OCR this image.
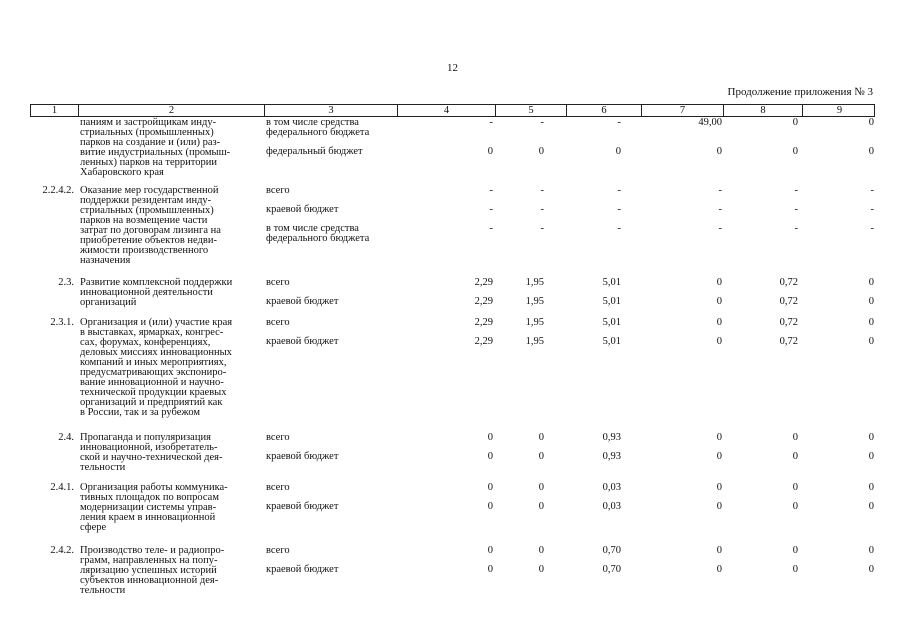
12
Продолжение приложения № 3
1	2	3	4	5	6	7	8	9
паниям и застройщикам инду-
стриальных (промышленных)
парков на создание и (или) раз-
витие индустриальных (промыш-
ленных) парков на территории
Хабаровского края
в том числе средства
федерального бюджета
-	-	-	49,00	0	0
федеральный бюджет	0	0	0	0	0	0
2.2.4.2. Оказание мер государственной
поддержки резидентам инду-
стриальных (промышленных)
парков на возмещение части
затрат по договорам лизинга на
приобретение объектов недви-
жимости производственного
назначения
всего	-	-	-	-	-	-
краевой бюджет	-	-	-	-	-	-
в том числе средства
федерального бюджета
-	-	-	-	-	-
2.3. Развитие комплексной поддержки
инновационной деятельности
организаций
всего	2,29	1,95	5,01	0	0,72	0
краевой бюджет	2,29	1,95	5,01	0	0,72	0
2.3.1. Организация и (или) участие края
в выставках, ярмарках, конгрес-
сах, форумах, конференциях,
деловых миссиях инновационных
компаний и иных мероприятиях,
предусматривающих экспониро-
вание инновационной и научно-
технической продукции краевых
организаций и предприятий как
в России, так и за рубежом
всего	2,29	1,95	5,01	0	0,72	0
краевой бюджет	2,29	1,95	5,01	0	0,72	0
2.4. Пропаганда и популяризация
инновационной, изобретатель-
ской и научно-технической дея-
тельности
всего	0	0	0,93	0	0	0
краевой бюджет	0	0	0,93	0	0	0
2.4.1. Организация работы коммуника-
тивных площадок по вопросам
модернизации системы управ-
ления краем в инновационной
сфере
всего	0	0	0,03	0	0	0
краевой бюджет	0	0	0,03	0	0	0
2.4.2. Производство теле- и радиопро-
грамм, направленных на попу-
ляризацию успешных историй
субъектов инновационной дея-
тельности
всего	0	0	0,70	0	0	0
краевой бюджет	0	0	0,70	0	0	0
